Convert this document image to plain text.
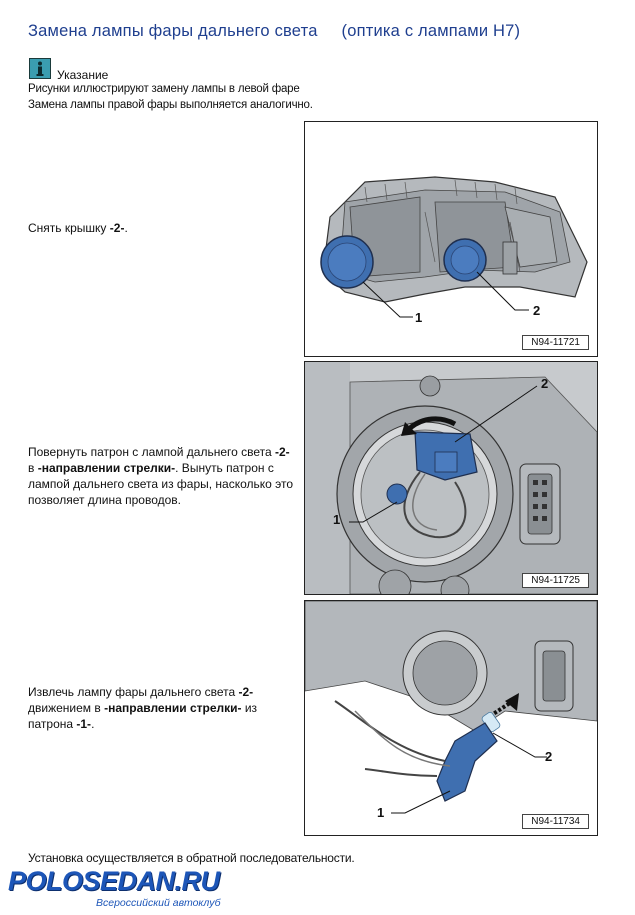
Замена лампы фары дальнего света     (оптика с лампами H7)
Указание
Рисунки иллюстрируют замену лампы в левой фаре
Замена лампы правой фары выполняется аналогично.
Снять крышку -2-.
1	2
N94-11721
Повернуть патрон с лампой дальнего света -2- в -направлении стрелки-. Вынуть патрон с лампой дальнего света из фары, насколько это позволяет длина проводов.
2
1
N94-11725
Извлечь лампу фары дальнего света -2- движением в -направлении стрелки- из патрона -1-.
2
1
N94-11734
Установка осуществляется в обратной последовательности.
POLOSEDAN.RU
Всероссийский автоклуб
